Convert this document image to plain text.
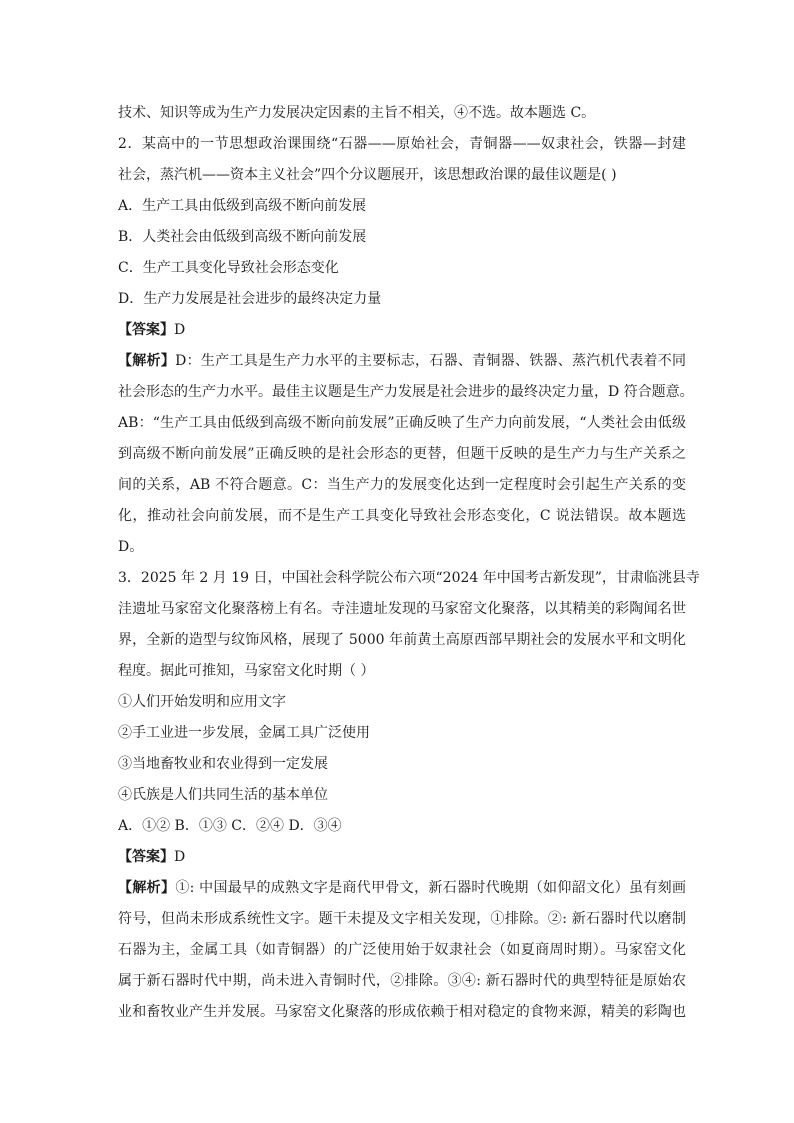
技术、知识等成为生产力发展决定因素的主旨不相关，④不选。故本题选 C。
2．某高中的一节思想政治课围绕“石器——原始社会，青铜器——奴隶社会，铁器—封建
社会，蒸汽机——资本主义社会”四个分议题展开，该思想政治课的最佳议题是( )

A．生产工具由低级到高级不断向前发展

B．人类社会由低级到高级不断向前发展

C．生产工具变化导致社会形态变化

D．生产力发展是社会进步的最终决定力量

【答案】D

【解析】D：生产工具是生产力水平的主要标志，石器、青铜器、铁器、蒸汽机代表着不同
社会形态的生产力水平。最佳主议题是生产力发展是社会进步的最终决定力量，D 符合题意。
AB：“生产工具由低级到高级不断向前发展”正确反映了生产力向前发展，“人类社会由低级
到高级不断向前发展”正确反映的是社会形态的更替，但题干反映的是生产力与生产关系之
间的关系，AB 不符合题意。C：当生产力的发展变化达到一定程度时会引起生产关系的变
化，推动社会向前发展，而不是生产工具变化导致社会形态变化，C 说法错误。故本题选
D。
3．2025 年 2 月 19 日，中国社会科学院公布六项“2024 年中国考古新发现”，甘肃临洮县寺
洼遗址马家窑文化聚落榜上有名。寺洼遗址发现的马家窑文化聚落，以其精美的彩陶闻名世
界，全新的造型与纹饰风格，展现了 5000 年前黄土高原西部早期社会的发展水平和文明化
程度。据此可推知，马家窑文化时期（ ）

①人们开始发明和应用文字

②手工业进一步发展，金属工具广泛使用

③当地畜牧业和农业得到一定发展

④氏族是人们共同生活的基本单位

A．①② B．①③ C．②④ D．③④

【答案】D

【解析】①: 中国最早的成熟文字是商代甲骨文，新石器时代晚期（如仰韶文化）虽有刻画
符号，但尚未形成系统性文字。题干未提及文字相关发现，①排除。②: 新石器时代以磨制
石器为主，金属工具（如青铜器）的广泛使用始于奴隶社会（如夏商周时期）。马家窑文化
属于新石器时代中期，尚未进入青铜时代，②排除。③④: 新石器时代的典型特征是原始农
业和畜牧业产生并发展。马家窑文化聚落的形成依赖于相对稳定的食物来源，精美的彩陶也
